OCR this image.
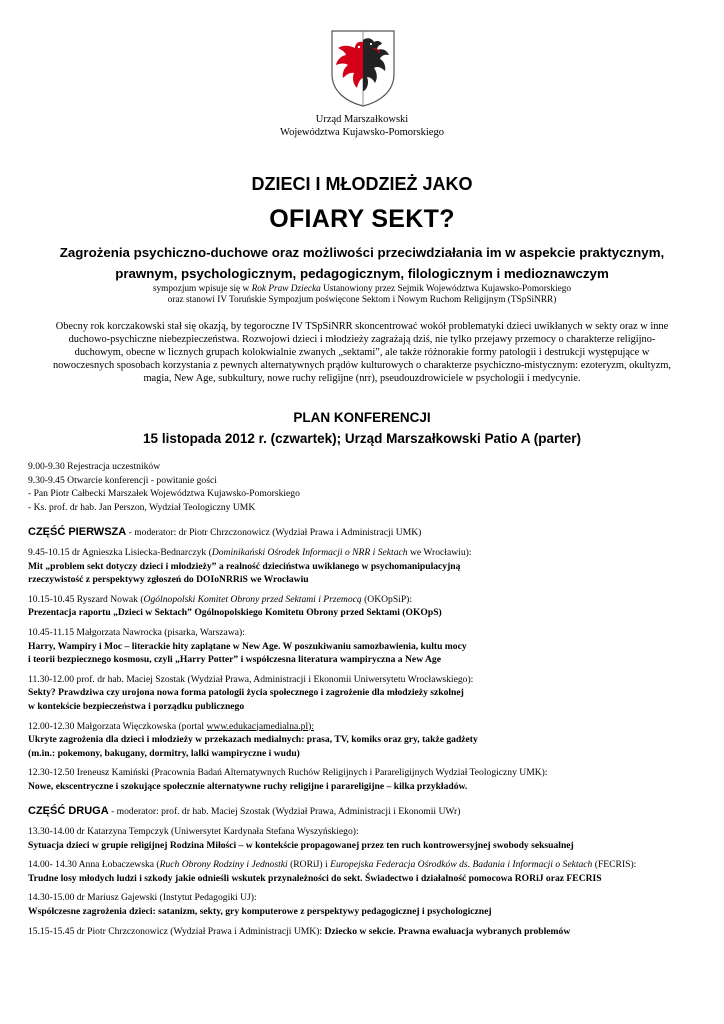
Urząd Marszałkowski
Województwa Kujawsko-Pomorskiego
DZIECI I MŁODZIEŻ JAKO
OFIARY SEKT?
Zagrożenia psychiczno-duchowe oraz możliwości przeciwdziałania im w aspekcie praktycznym,
prawnym, psychologicznym, pedagogicznym, filologicznym i medioznawczym
sympozjum wpisuje się w Rok Praw Dziecka Ustanowiony przez Sejmik Województwa Kujawsko-Pomorskiego
oraz stanowi IV Toruńskie Sympozjum poświęcone Sektom i Nowym Ruchom Religijnym (TSpSiNRR)
Obecny rok korczakowski stał się okazją, by tegoroczne IV TSpSiNRR skoncentrować wokół problematyki dzieci uwikłanych w sekty oraz w inne
duchowo-psychiczne niebezpieczeństwa. Rozwojowi dzieci i młodzieży zagrażają dziś, nie tylko przejawy przemocy o charakterze religijno-
duchowym, obecne w licznych grupach kolokwialnie zwanych „sektami”, ale także różnorakie formy patologii i destrukcji występujące w
nowoczesnych sposobach korzystania z pewnych alternatywnych prądów kulturowych o charakterze psychiczno-mistycznym: ezoteryzm, okultyzm,
magia, New Age, subkultury, nowe ruchy religijne (nrr), pseudouzdrowiciele w psychologii i medycynie.
PLAN KONFERENCJI
15 listopada 2012 r. (czwartek); Urząd Marszałkowski Patio A (parter)
9.00-9.30 Rejestracja uczestników
9.30-9.45 Otwarcie konferencji - powitanie gości
- Pan Piotr Całbecki Marszałek Województwa Kujawsko-Pomorskiego
- Ks. prof. dr hab. Jan Perszon, Wydział Teologiczny UMK
CZĘŚĆ PIERWSZA - moderator: dr Piotr Chrzczonowicz (Wydział Prawa i Administracji UMK)
9.45-10.15 dr Agnieszka Lisiecka-Bednarczyk (Dominikański Ośrodek Informacji o NRR i Sektach we Wrocławiu):
Mit „problem sekt dotyczy dzieci i młodzieży” a realność dzieciństwa uwikłanego w psychomanipulacyjną
rzeczywistość z perspektywy zgłoszeń do DOIoNRRiS we Wrocławiu
10.15-10.45 Ryszard Nowak (Ogólnopolski Komitet Obrony przed Sektami i Przemocą (OKOpSiP):
Prezentacja raportu „Dzieci w Sektach” Ogólnopolskiego Komitetu Obrony przed Sektami (OKOpS)
10.45-11.15 Małgorzata Nawrocka (pisarka, Warszawa):
Harry, Wampiry i Moc – literackie hity zaplątane w New Age. W poszukiwaniu samozbawienia, kultu mocy
i teorii bezpiecznego kosmosu, czyli „Harry Potter” i współczesna literatura wampiryczna a New Age
11.30-12.00 prof. dr hab. Maciej Szostak (Wydział Prawa, Administracji i Ekonomii Uniwersytetu Wrocławskiego):
Sekty? Prawdziwa czy urojona nowa forma patologii życia społecznego i zagrożenie dla młodzieży szkolnej
w kontekście bezpieczeństwa i porządku publicznego
12.00-12.30 Małgorzata Więczkowska (portal www.edukacjamedialna.pl):
Ukryte zagrożenia dla dzieci i młodzieży w przekazach medialnych: prasa, TV, komiks oraz gry, także gadżety
(m.in.: pokemony, bakugany, dormitry, lalki wampiryczne i wudu)
12.30-12.50 Ireneusz Kamiński (Pracownia Badań Alternatywnych Ruchów Religijnych i Parareligijnych Wydział Teologiczny UMK):
Nowe, ekscentryczne i szokujące społecznie alternatywne ruchy religijne i parareligijne – kilka przykładów.
CZĘŚĆ DRUGA - moderator: prof. dr hab. Maciej Szostak (Wydział Prawa, Administracji i Ekonomii UWr)
13.30-14.00 dr Katarzyna Tempczyk (Uniwersytet Kardynała Stefana Wyszyńskiego):
Sytuacja dzieci w grupie religijnej Rodzina Miłości – w kontekście propagowanej przez ten ruch kontrowersyjnej swobody seksualnej
14.00- 14.30 Anna Łobaczewska (Ruch Obrony Rodziny i Jednostki (RORiJ) i Europejska Federacja Ośrodków ds. Badania i Informacji o Sektach (FECRIS):
Trudne losy młodych ludzi i szkody jakie odnieśli wskutek przynależności do sekt. Świadectwo i działalność pomocowa RORiJ oraz FECRIS
14.30-15.00 dr Mariusz Gajewski (Instytut Pedagogiki UJ):
Współczesne zagrożenia dzieci: satanizm, sekty, gry komputerowe z perspektywy pedagogicznej i psychologicznej
15.15-15.45 dr Piotr Chrzczonowicz (Wydział Prawa i Administracji UMK): Dziecko w sekcie. Prawna ewaluacja wybranych problemów
